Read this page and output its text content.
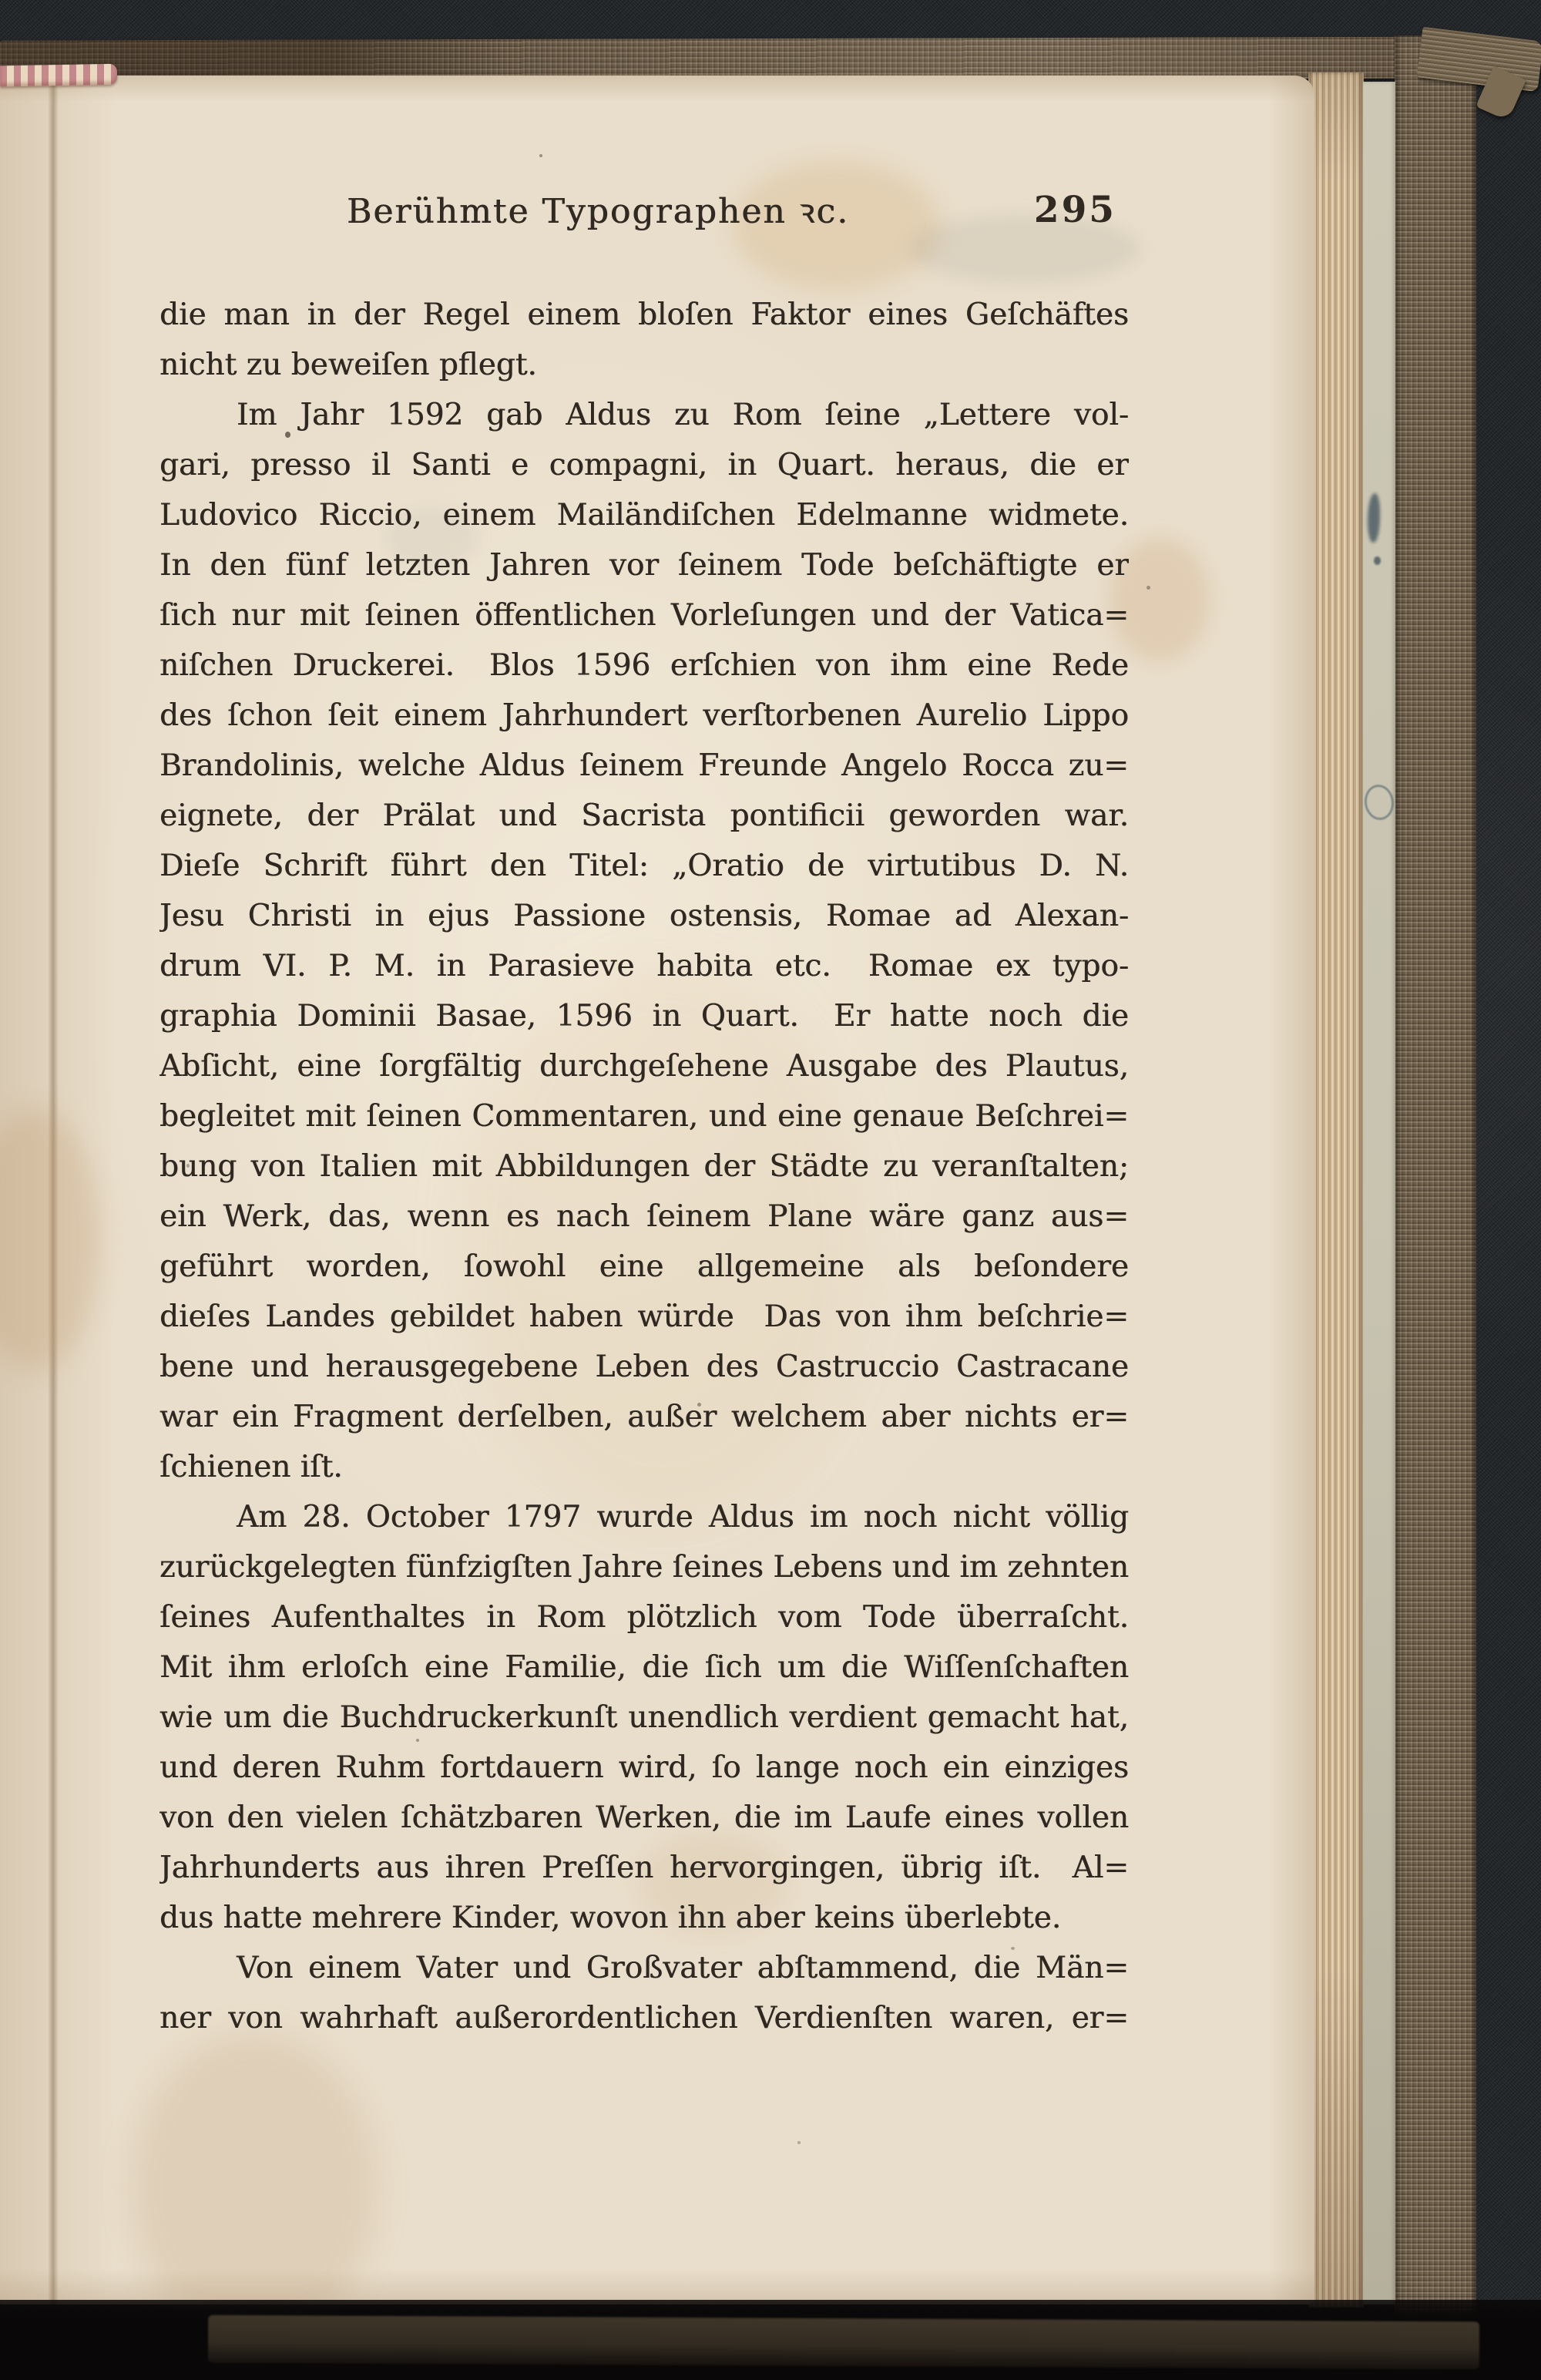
Berühmte Typographen ꝛc.	295
die man in der Regel einem bloſen Faktor eines Geſchäftes
nicht zu beweiſen pflegt.
Im Jahr 1592 gab Aldus zu Rom ſeine „Lettere vol-
gari, presso il Santi e compagni, in Quart. heraus, die er
Ludovico Riccio, einem Mailändiſchen Edelmanne widmete.
In den fünf letzten Jahren vor ſeinem Tode beſchäftigte er
ſich nur mit ſeinen öffentlichen Vorleſungen und der Vatica=
niſchen Druckerei.  Blos 1596 erſchien von ihm eine Rede
des ſchon ſeit einem Jahrhundert verſtorbenen Aurelio Lippo
Brandolinis, welche Aldus ſeinem Freunde Angelo Rocca zu=
eignete, der Prälat und Sacrista pontificii geworden war.
Dieſe Schrift führt den Titel: „Oratio de virtutibus D. N.
Jesu Christi in ejus Passione ostensis, Romae ad Alexan-
drum VI. P. M. in Parasieve habita etc.  Romae ex typo-
graphia Dominii Basae, 1596 in Quart.  Er hatte noch die
Abſicht, eine ſorgfältig durchgeſehene Ausgabe des Plautus,
begleitet mit ſeinen Commentaren, und eine genaue Beſchrei=
bung von Italien mit Abbildungen der Städte zu veranſtalten;
ein Werk, das, wenn es nach ſeinem Plane wäre ganz aus=
geführt worden, ſowohl eine allgemeine als beſondere
dieſes Landes gebildet haben würde  Das von ihm beſchrie=
bene und herausgegebene Leben des Castruccio Castracane
war ein Fragment derſelben, außer welchem aber nichts er=
ſchienen iſt.
Am 28. October 1797 wurde Aldus im noch nicht völlig
zurückgelegten fünfzigſten Jahre ſeines Lebens und im zehnten
ſeines Aufenthaltes in Rom plötzlich vom Tode überraſcht.
Mit ihm erloſch eine Familie, die ſich um die Wiſſenſchaften
wie um die Buchdruckerkunſt unendlich verdient gemacht hat,
und deren Ruhm fortdauern wird, ſo lange noch ein einziges
von den vielen ſchätzbaren Werken, die im Laufe eines vollen
Jahrhunderts aus ihren Preſſen hervorgingen, übrig iſt.  Al=
dus hatte mehrere Kinder, wovon ihn aber keins überlebte.
Von einem Vater und Großvater abſtammend, die Män=
ner von wahrhaft außerordentlichen Verdienſten waren, er=
